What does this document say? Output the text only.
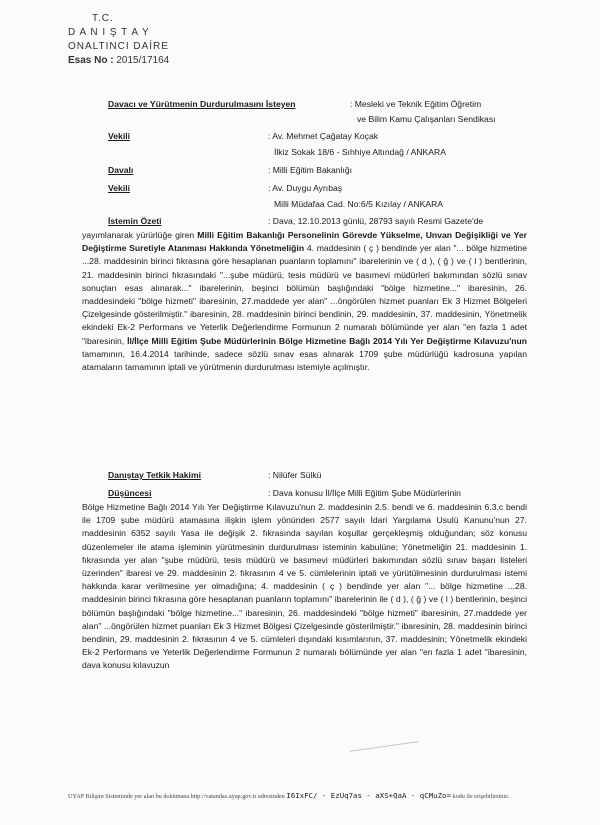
T.C.
D A N I Ş T A Y
ONALTINCI DAİRE
Esas No : 2015/17164
Davacı ve Yürütmenin Durdurulmasını İsteyen	: Mesleki ve Teknik Eğitim Öğretim
ve Bilim Kamu Çalışanları Sendikası
Vekili	: Av. Mehmet Çağatay Koçak
İlkiz Sokak 18/6 - Sıhhiye Altındağ / ANKARA
Davalı	: Milli Eğitim Bakanlığı
Vekili	: Av. Duygu Ayrıbaş
Milli Müdafaa Cad. No:6/5 Kızılay / ANKARA
İstemin Özeti	: Dava, 12.10.2013 günlü, 28793 sayılı Resmi Gazete'de
yayımlanarak yürürlüğe giren Milli Eğitim Bakanlığı Personelinin Görevde Yükselme, Unvan Değişikliği ve Yer Değiştirme Suretiyle Atanması Hakkında Yönetmeliğin 4. maddesinin ( ç ) bendinde yer alan "... bölge hizmetine ...28. maddesinin birinci fıkrasına göre hesaplanan puanların toplamını" ibarelerinin ve ( d ), ( ğ ) ve ( l ) bentlerinin, 21. maddesinin birinci fıkrasındaki "...şube müdürü, tesis müdürü ve basımevi müdürleri bakımından sözlü sınav sonuçları esas alınarak..." ibarelerinin, beşinci bölümün başlığındaki "bölge hizmetine..." ibaresinin, 26. maddesindeki "bölge hizmeti" ibaresinin, 27.maddede yer alan" ...öngörülen hizmet puanları Ek 3 Hizmet Bölgeleri Çizelgesinde gösterilmiştir." ibaresinin, 28. maddesinin birinci bendinin, 29. maddesinin, 37. maddesinin, Yönetmelik ekindeki Ek-2 Performans ve Yeterlik Değerlendirme Formunun 2 numaralı bölümünde yer alan "en fazla 1 adet "ibaresinin, İl/İlçe Milli Eğitim Şube Müdürlerinin Bölge Hizmetine Bağlı 2014 Yılı Yer Değiştirme Kılavuzu'nun tamamının, 16.4.2014 tarihinde, sadece sözlü sınav esas alınarak 1709 şube müdürlüğü kadrosuna yapılan atamaların tamamının iptali ve yürütmenin durdurulması istemiyle açılmıştır.
Danıştay Tetkik Hakimi	: Nilüfer Sülkü
Düşüncesi	: Dava konusu İl/İlçe Milli Eğitim Şube Müdürlerinin
Bölge Hizmetine Bağlı 2014 Yılı Yer Değiştirme Kılavuzu'nun 2. maddesinin 2.5. bendi ve 6. maddesinin 6.3.c bendi ile 1709 şube müdürü atamasına ilişkin işlem yönünden 2577 sayılı İdari Yargılama Usulü Kanunu'nun 27. maddesinin 6352 sayılı Yasa ile değişik 2. fıkrasında sayılan koşullar gerçekleşmiş olduğundan; söz konusu düzenlemeler ile atama işleminin yürütmesinin durdurulması isteminin kabulüne; Yönetmeliğin 21. maddesinin 1. fıkrasında yer alan "şube müdürü, tesis müdürü ve basımevi müdürleri bakımından sözlü sınav başarı listeleri üzerinden" ibaresi ve 29. maddesinin 2. fıkrasının 4 ve 5. cümlelerinin iptali ve yürütülmesinin durdurulması istemi hakkında karar verilmesine yer olmadığına; 4. maddesinin ( ç ) bendinde yer alan "... bölge hizmetine ...28. maddesinin birinci fıkrasına göre hesaplanan puanların toplamını" ibarelerinin ile ( d ), ( ğ ) ve ( l ) bentlerinin, beşinci bölümün başlığındaki "bölge hizmetine..." ibaresinin, 26. maddesindeki "bölge hizmeti" ibaresinin, 27.maddede yer alan" ...öngörülen hizmet puanları Ek 3 Hizmet Bölgesi Çizelgesinde gösterilmiştir." ibaresinin, 28. maddesinin birinci bendinin, 29. maddesinin 2. fıkrasının 4 ve 5. cümleleri dışındaki kısımlarının, 37. maddesinin; Yönetmelik ekindeki Ek-2 Performans ve Yeterlik Değerlendirme Formunun 2 numaralı bölümünde yer alan "en fazla 1 adet "ibaresinin, dava konusu kılavuzun
UYAP Bilişim Sisteminde yer alan bu dokümana http://vatandas.uyap.gov.tr adresinden I6IxFC/ - EzUq7as - aXS+QaA - qCMuZo= kodu ile erişebilirsiniz.
